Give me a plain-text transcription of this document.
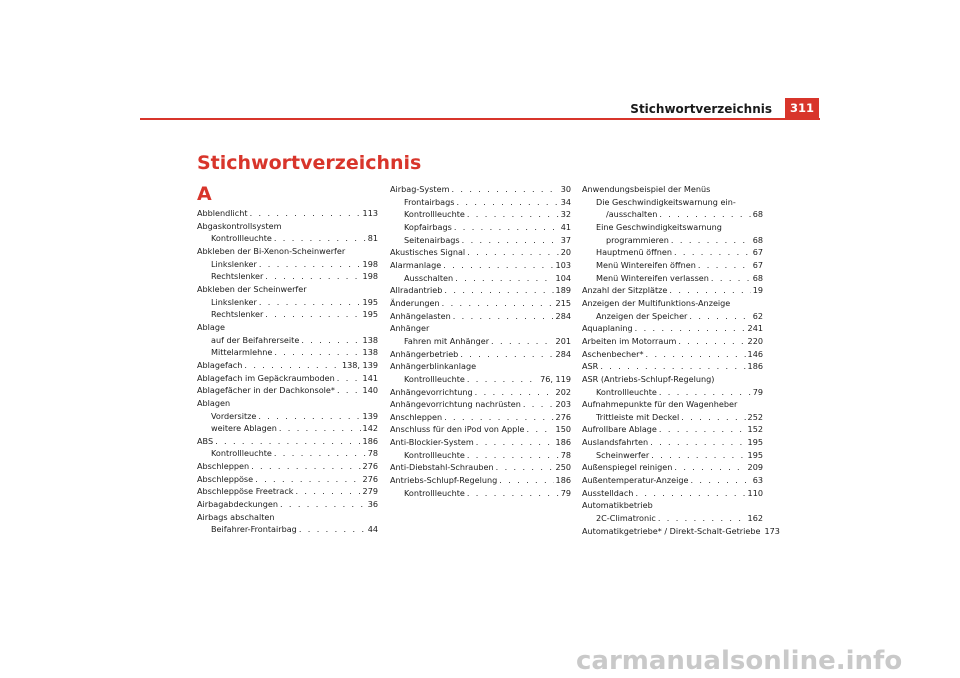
Stichwortverzeichnis	311
Stichwortverzeichnis
A
Abblendlicht . . .	113
Abgaskontrollsystem
Kontrollleuchte . . .	81
Abkleben der Bi-Xenon-Scheinwerfer
Linkslenker . . .	198
Rechtslenker . . .	198
Abkleben der Scheinwerfer
Linkslenker . . .	195
Rechtslenker . . .	195
Ablage
auf der Beifahrerseite . . .	138
Mittelarmlehne . . .	138
Ablagefach . . .	138, 139
Ablagefach im Gepäckraumboden . . .	141
Ablagefächer in der Dachkonsole* . . .	140
Ablagen
Vordersitze . . .	139
weitere Ablagen . . .	142
ABS . . .	186
Kontrollleuchte . . .	78
Abschleppen . . .	276
Abschleppöse . . .	276
Abschleppöse Freetrack . . .	279
Airbagabdeckungen . . .	36
Airbags abschalten
Beifahrer-Frontairbag . . .	44
Airbag-System . . .	30
Frontairbags . . .	34
Kontrollleuchte . . .	32
Kopfairbags . . .	41
Seitenairbags . . .	37
Akustisches Signal . . .	20
Alarmanlage . . .	103
Ausschalten . . .	104
Allradantrieb . . .	189
Änderungen . . .	215
Anhängelasten . . .	284
Anhänger
Fahren mit Anhänger . . .	201
Anhängerbetrieb . . .	284
Anhängerblinkanlage
Kontrollleuchte . . .	76, 119
Anhängevorrichtung . . .	202
Anhängevorrichtung nachrüsten . . .	203
Anschleppen . . .	276
Anschluss für den iPod von Apple . . .	150
Anti-Blockier-System . . .	186
Kontrollleuchte . . .	78
Anti-Diebstahl-Schrauben . . .	250
Antriebs-Schlupf-Regelung . . .	186
Kontrollleuchte . . .	79
Anwendungsbeispiel der Menüs
Die Geschwindigkeitswarnung ein-
/ausschalten . . .	68
Eine Geschwindigkeitswarnung
programmieren . . .	68
Hauptmenü öffnen . . .	67
Menü Wintereifen öffnen . . .	67
Menü Wintereifen verlassen . . .	68
Anzahl der Sitzplätze . . .	19
Anzeigen der Multifunktions-Anzeige
Anzeigen der Speicher . . .	62
Aquaplaning . . .	241
Arbeiten im Motorraum . . .	220
Aschenbecher* . . .	146
ASR . . .	186
ASR (Antriebs-Schlupf-Regelung)
Kontrollleuchte . . .	79
Aufnahmepunkte für den Wagenheber
Trittleiste mit Deckel . . .	252
Aufrollbare Ablage . . .	152
Auslandsfahrten . . .	195
Scheinwerfer . . .	195
Außenspiegel reinigen . . .	209
Außentemperatur-Anzeige . . .	63
Ausstelldach . . .	110
Automatikbetrieb
2C-Climatronic . . .	162
Automatikgetriebe* / Direkt-Schalt-Getriebe 173
carmanualsonline.info
